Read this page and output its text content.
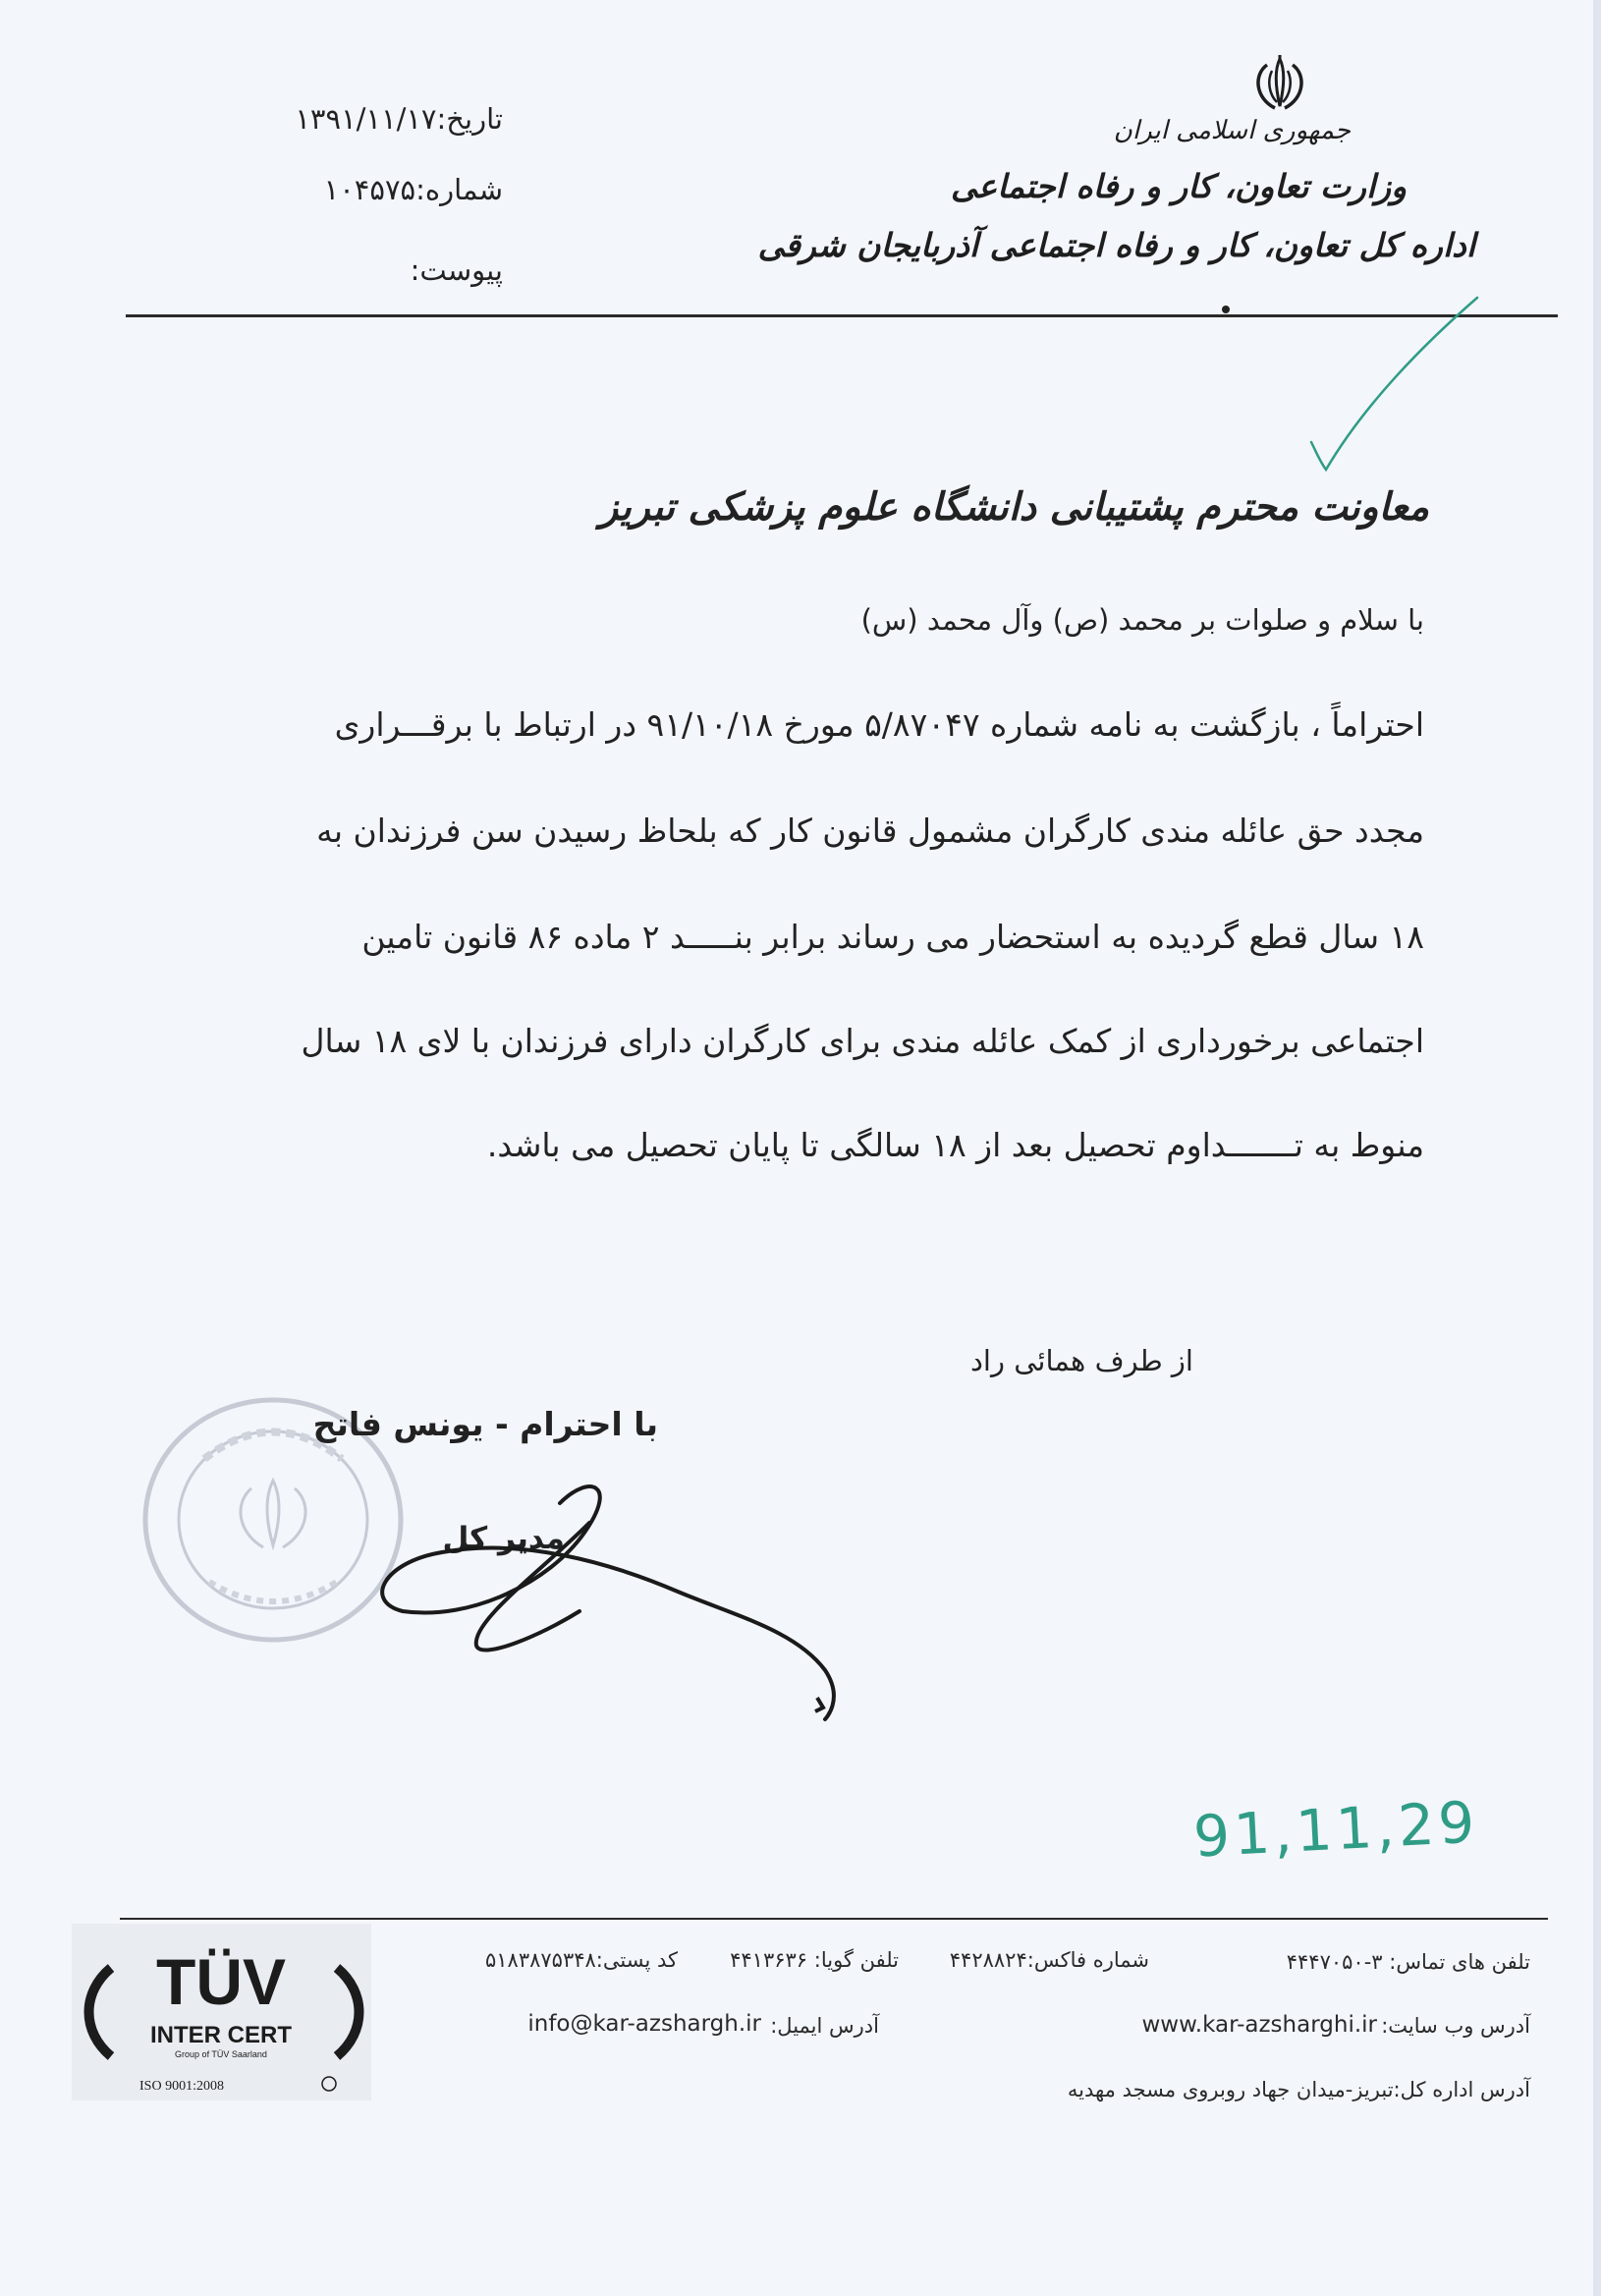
جمهوری اسلامی ایران
وزارت تعاون، کار و رفاه اجتماعی
اداره کل تعاون، کار و رفاه اجتماعی آذربایجان شرقی
تاریخ:۱۳۹۱/۱۱/۱۷
شماره:۱۰۴۵۷۵
پیوست:
معاونت محترم پشتیبانی دانشگاه علوم پزشکی تبریز
با سلام و صلوات بر محمد (ص) وآل محمد (س)
احتراماً ، بازگشت به نامه شماره ۵/۸۷۰۴۷ مورخ ۹۱/۱۰/۱۸ در ارتباط با برقـــراری
مجدد حق عائله مندی کارگران مشمول قانون کار که بلحاظ رسیدن سن فرزندان به
۱۸ سال قطع گردیده به استحضار می رساند برابر بنـــــد ۲ ماده ۸۶ قانون تامین
اجتماعی برخورداری از کمک عائله مندی برای کارگران دارای فرزندان با لای ۱۸ سال
منوط به تـــــــداوم تحصیل بعد از ۱۸ سالگی تا پایان تحصیل می باشد.
از طرف همائی راد
با احترام - یونس فاتح
مدیر کل
91,11,29
TÜV
INTER CERT
Group of TÜV Saarland
ISO 9001:2008
تلفن های تماس: ۳-۴۴۴۷۰۵۰
شماره فاکس:۴۴۲۸۸۲۴
تلفن گویا: ۴۴۱۳۶۳۶
کد پستی:۵۱۸۳۸۷۵۳۴۸
آدرس وب سایت:
www.kar-azsharghi.ir
آدرس ایمیل:
info@kar-azshargh.ir
آدرس اداره کل:تبریز-میدان جهاد روبروی مسجد مهدیه
